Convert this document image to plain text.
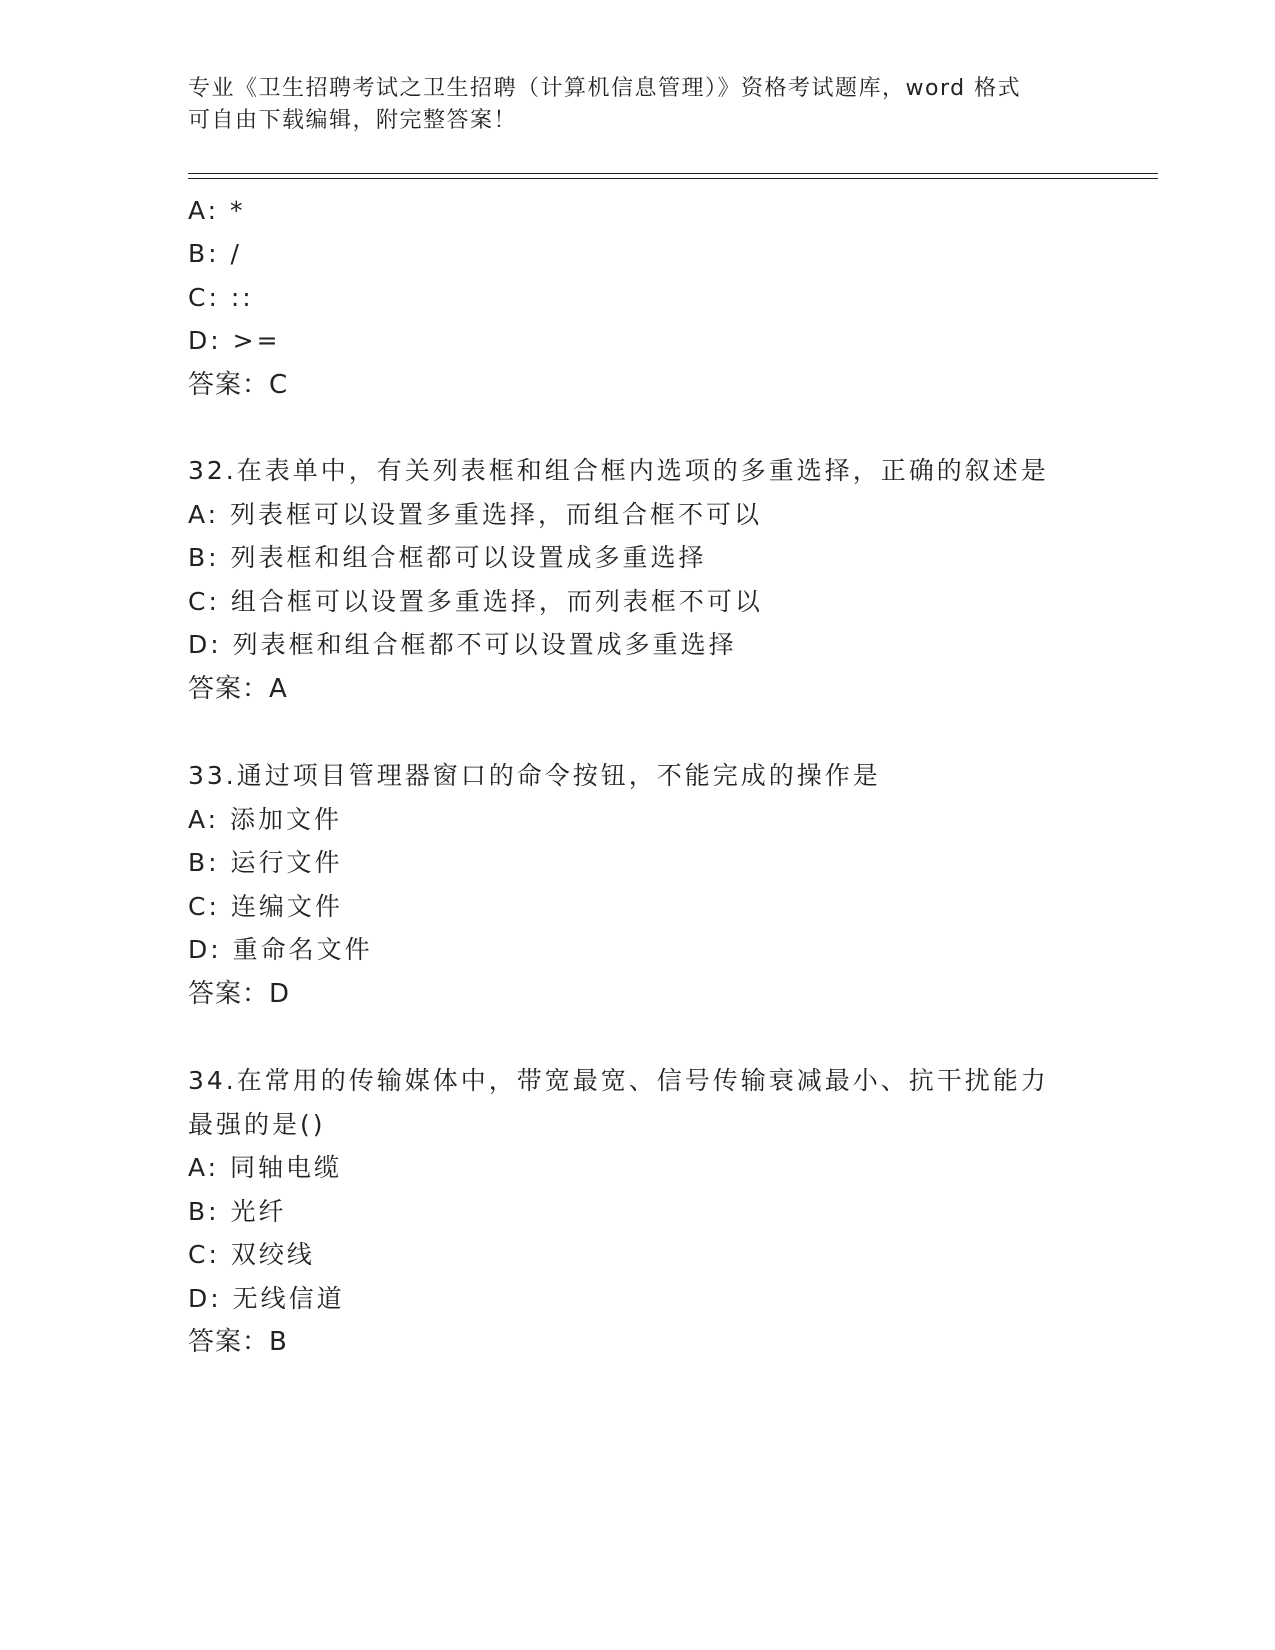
专业《卫生招聘考试之卫生招聘（计算机信息管理）》资格考试题库，word 格式
可自由下载编辑，附完整答案！
A: *
B: /
C: ::
D: >=
答案：C
32.在表单中，有关列表框和组合框内选项的多重选择，正确的叙述是
A: 列表框可以设置多重选择，而组合框不可以
B: 列表框和组合框都可以设置成多重选择
C: 组合框可以设置多重选择，而列表框不可以
D: 列表框和组合框都不可以设置成多重选择
答案：A
33.通过项目管理器窗口的命令按钮，不能完成的操作是
A: 添加文件
B: 运行文件
C: 连编文件
D: 重命名文件
答案：D
34.在常用的传输媒体中，带宽最宽、信号传输衰减最小、抗干扰能力
最强的是()
A: 同轴电缆
B: 光纤
C: 双绞线
D: 无线信道
答案：B
